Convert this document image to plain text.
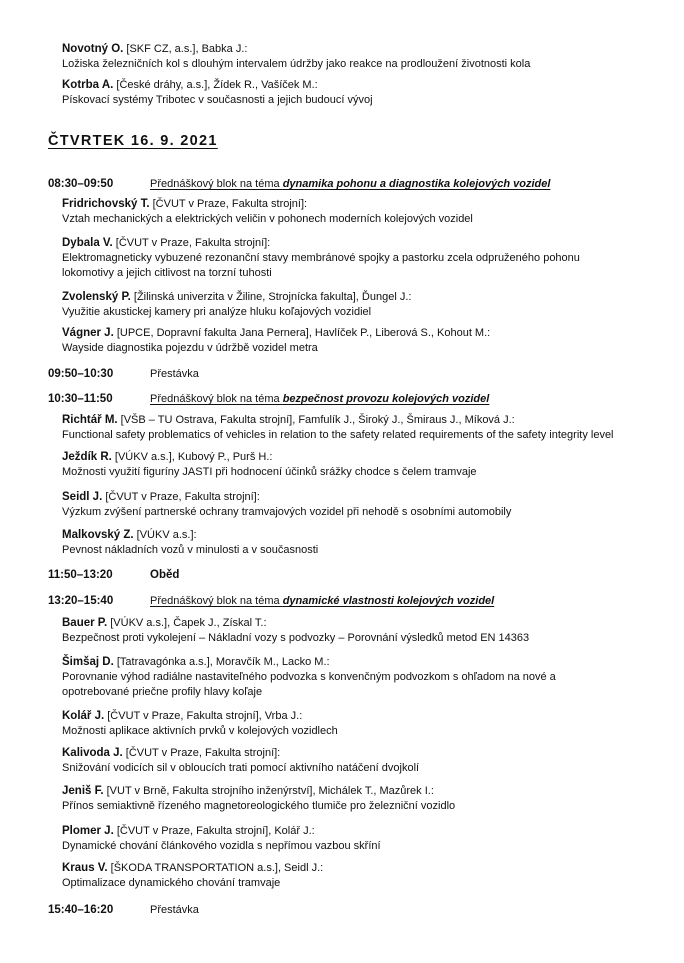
Novotný O. [SKF CZ, a.s.], Babka J.:
Ložiska železničních kol s dlouhým intervalem údržby jako reakce na prodloužení životnosti kola
Kotrba A. [České dráhy, a.s.], Žídek R., Vašíček M.:
Pískovací systémy Tribotec v současnosti a jejich budoucí vývoj
ČTVRTEK 16. 9. 2021
08:30–09:50	Přednáškový blok na téma dynamika pohonu a diagnostika kolejových vozidel
Fridrichovský T. [ČVUT v Praze, Fakulta strojní]:
Vztah mechanických a elektrických veličin v pohonech moderních kolejových vozidel
Dybala V. [ČVUT v Praze, Fakulta strojní]:
Elektromagneticky vybuzené rezonanční stavy membránové spojky a pastorku zcela odpruženého pohonu lokomotivy a jejich citlivost na torzní tuhosti
Zvolenský P. [Žilinská univerzita v Žiline, Strojnícka fakulta], Ďungel J.:
Využitie akustickej kamery pri analýze hluku koľajových vozidiel
Vágner J. [UPCE, Dopravní fakulta Jana Pernera], Havlíček P., Liberová S., Kohout M.:
Wayside diagnostika pojezdu v údržbě vozidel metra
09:50–10:30	Přestávka
10:30–11:50	Přednáškový blok na téma bezpečnost provozu kolejových vozidel
Richtář M. [VŠB – TU Ostrava, Fakulta strojní], Famfulík J., Široký J., Šmiraus J., Míková J.:
Functional safety problematics of vehicles in relation to the safety related requirements of the safety integrity level
Ježdík R. [VÚKV a.s.], Kubový P., Purš H.:
Možnosti využití figuríny JASTI při hodnocení účinků srážky chodce s čelem tramvaje
Seidl J. [ČVUT v Praze, Fakulta strojní]:
Výzkum zvýšení partnerské ochrany tramvajových vozidel při nehodě s osobními automobily
Malkovský Z. [VÚKV a.s.]:
Pevnost nákladních vozů v minulosti a v současnosti
11:50–13:20	Oběd
13:20–15:40	Přednáškový blok na téma dynamické vlastnosti kolejových vozidel
Bauer P. [VÚKV a.s.], Čapek J., Získal T.:
Bezpečnost proti vykolejení – Nákladní vozy s podvozky – Porovnání výsledků metod EN 14363
Šimšaj D. [Tatravagónka a.s.], Moravčík M., Lacko M.:
Porovnanie výhod radiálne nastaviteľného podvozka s konvenčným podvozkom s ohľadom na nové a opotrebované priečne profily hlavy koľaje
Kolář J. [ČVUT v Praze, Fakulta strojní], Vrba J.:
Možnosti aplikace aktivních prvků v kolejových vozidlech
Kalivoda J. [ČVUT v Praze, Fakulta strojní]:
Snižování vodicích sil v obloucích trati pomocí aktivního natáčení dvojkolí
Jeniš F. [VUT v Brně, Fakulta strojního inženýrství], Michálek T., Mazůrek I.:
Přínos semiaktivně řízeného magnetoreologického tlumiče pro železniční vozidlo
Plomer J. [ČVUT v Praze, Fakulta strojní], Kolář J.:
Dynamické chování článkového vozidla s nepřímou vazbou skříní
Kraus V. [ŠKODA TRANSPORTATION a.s.], Seidl J.:
Optimalizace dynamického chování tramvaje
15:40–16:20	Přestávka
